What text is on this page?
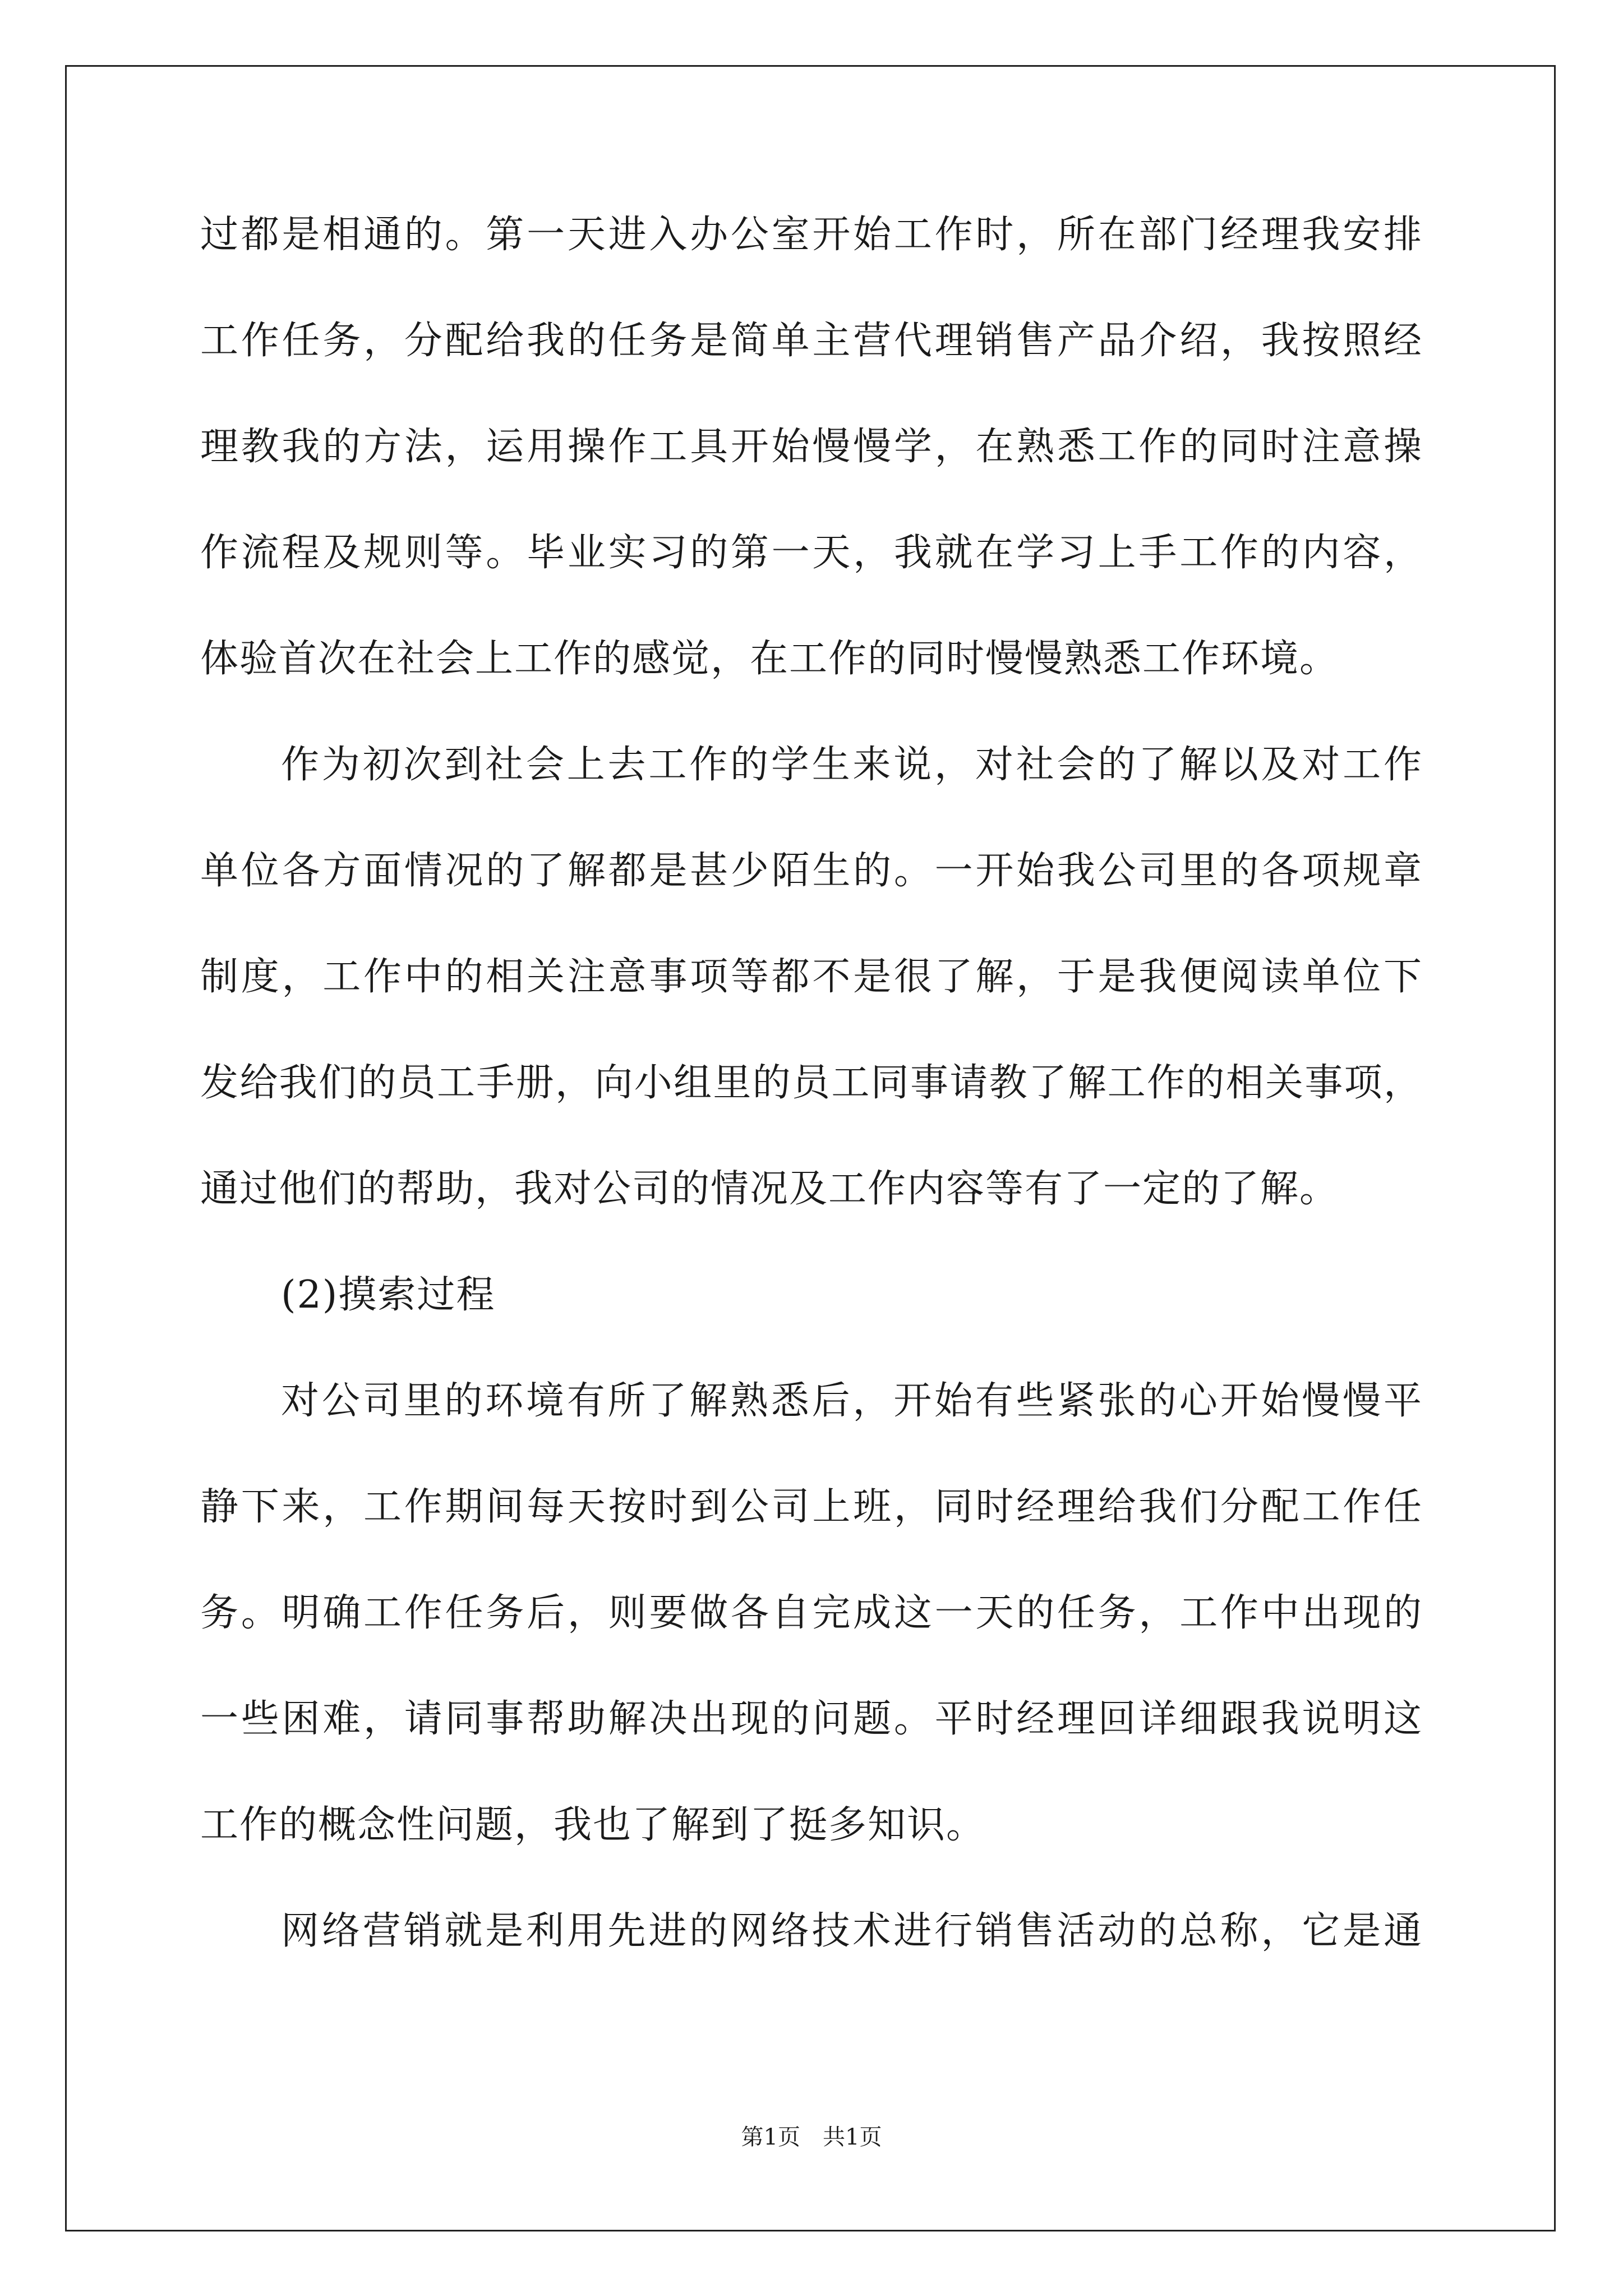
过都是相通的。第一天进入办公室开始工作时，所在部门经理我安排

工作任务，分配给我的任务是简单主营代理销售产品介绍，我按照经

理教我的方法，运用操作工具开始慢慢学，在熟悉工作的同时注意操

作流程及规则等。毕业实习的第一天，我就在学习上手工作的内容，

体验首次在社会上工作的感觉，在工作的同时慢慢熟悉工作环境。

作为初次到社会上去工作的学生来说，对社会的了解以及对工作

单位各方面情况的了解都是甚少陌生的。一开始我公司里的各项规章

制度，工作中的相关注意事项等都不是很了解，于是我便阅读单位下

发给我们的员工手册，向小组里的员工同事请教了解工作的相关事项，

通过他们的帮助，我对公司的情况及工作内容等有了一定的了解。

(2)摸索过程

对公司里的环境有所了解熟悉后，开始有些紧张的心开始慢慢平

静下来，工作期间每天按时到公司上班，同时经理给我们分配工作任

务。明确工作任务后，则要做各自完成这一天的任务，工作中出现的

一些困难，请同事帮助解决出现的问题。平时经理回详细跟我说明这

工作的概念性问题，我也了解到了挺多知识。

网络营销就是利用先进的网络技术进行销售活动的总称，它是通

第1页　共1页
